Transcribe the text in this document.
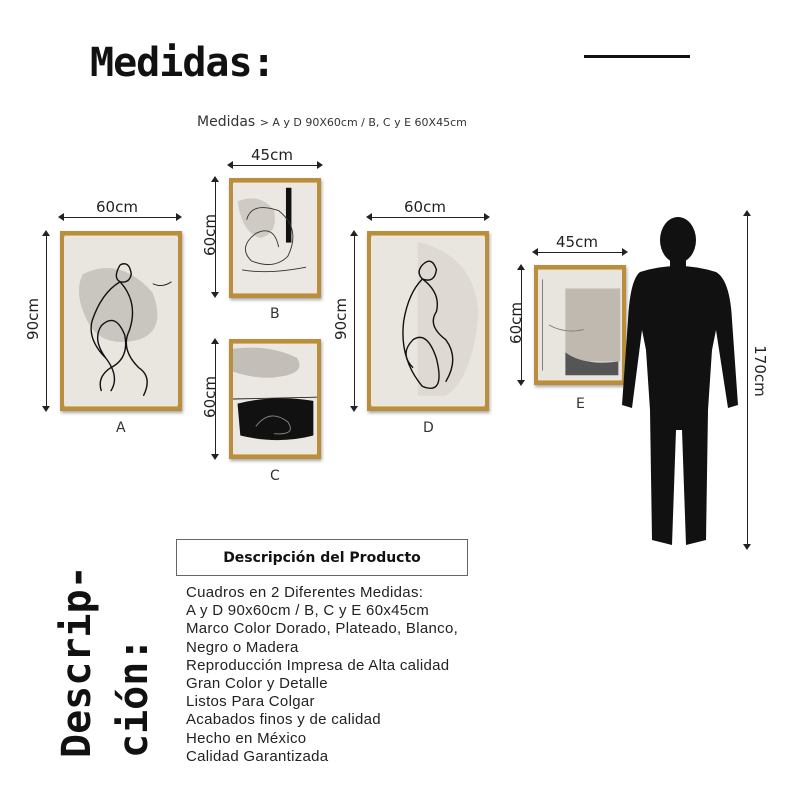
Medidas:
Medidas > A y D 90X60cm / B, C y E 60X45cm
60cm
90cm
A
45cm
60cm
B
60cm
C
60cm
90cm
D
45cm
60cm
E
170cm
Descrip- ción:
Descripción del Producto
Cuadros en 2 Diferentes Medidas:
A y D 90x60cm / B, C y E 60x45cm
Marco Color Dorado, Plateado, Blanco,
Negro o Madera
Reproducción Impresa de Alta calidad
Gran Color y Detalle
Listos Para Colgar
Acabados finos y de calidad
Hecho en México
Calidad Garantizada
